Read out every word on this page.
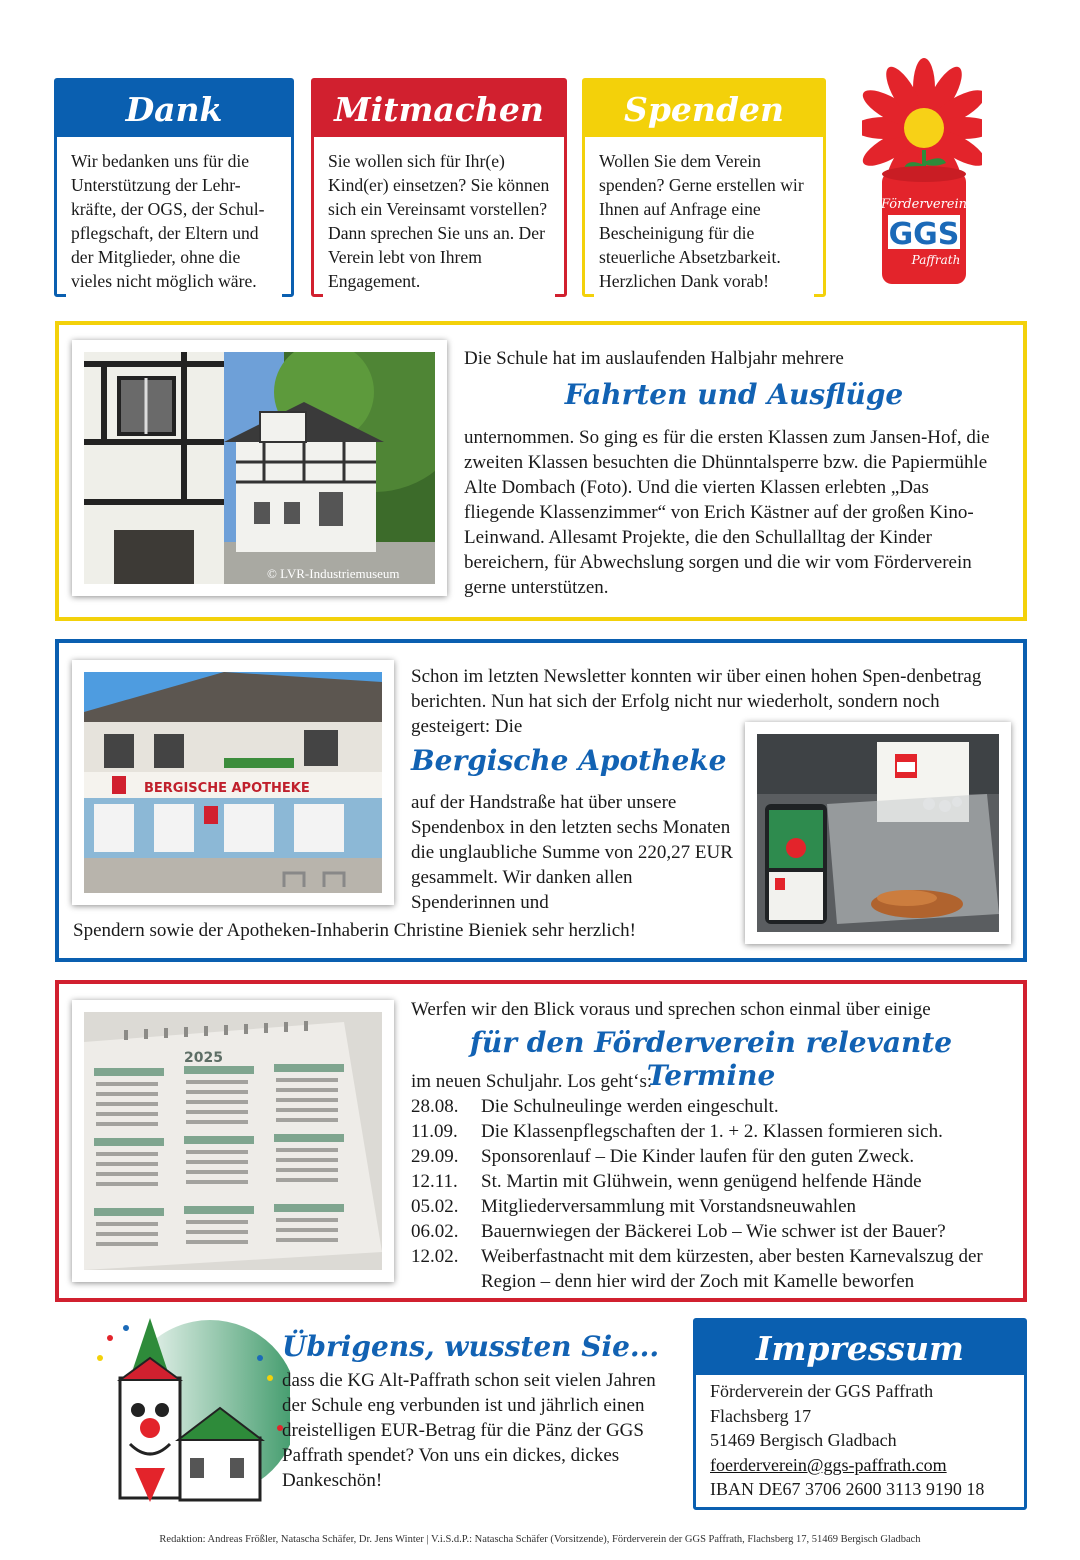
Dank
Wir bedanken uns für die Unterstützung der Lehr-kräfte, der OGS, der Schul-pflegschaft, der Eltern und der Mitglieder, ohne die vieles nicht möglich wäre.
Mitmachen
Sie wollen sich für Ihr(e) Kind(er) einsetzen? Sie können sich ein Vereinsamt vorstellen? Dann sprechen Sie uns an. Der Verein lebt von Ihrem Engagement.
Spenden
Wollen Sie dem Verein spenden? Gerne erstellen wir Ihnen auf Anfrage eine Bescheinigung für die steuerliche Absetzbarkeit. Herzlichen Dank vorab!
Förderverein
GGS
Paffrath
© LVR-Industriemuseum
Die Schule hat im auslaufenden Halbjahr mehrere
Fahrten und Ausflüge
unternommen. So ging es für die ersten Klassen zum Jansen-Hof, die zweiten Klassen besuchten die Dhünntalsperre bzw. die Papiermühle Alte Dombach (Foto). Und die vierten Klassen erlebten „Das fliegende Klassenzimmer“ von Erich Kästner auf der großen Kino-Leinwand. Allesamt Projekte, die den Schullalltag der Kinder bereichern, für Abwechslung sorgen und die wir vom Förderverein gerne unterstützen.
BERGISCHE APOTHEKE
Schon im letzten Newsletter konnten wir über einen hohen Spen-denbetrag berichten. Nun hat sich der Erfolg nicht nur wiederholt, sondern noch gesteigert: Die
Bergische Apotheke
auf der Handstraße hat über unsere Spendenbox in den letzten sechs Monaten die unglaubliche Summe von 220,27 EUR gesammelt. Wir danken allen Spenderinnen und
Spendern sowie der Apotheken-Inhaberin Christine Bieniek sehr herzlich!
2025
Werfen wir den Blick voraus und sprechen schon einmal über einige
für den Förderverein relevante Termine
im neuen Schuljahr. Los geht‘s:
28.08.	Die Schulneulinge werden eingeschult.
11.09.	Die Klassenpflegschaften der 1. + 2. Klassen formieren sich.
29.09.	Sponsorenlauf – Die Kinder laufen für den guten Zweck.
12.11.	St. Martin mit Glühwein, wenn genügend helfende Hände
05.02.	Mitgliederversammlung mit Vorstandsneuwahlen
06.02.	Bauernwiegen der Bäckerei Lob – Wie schwer ist der Bauer?
12.02.	Weiberfastnacht mit dem kürzesten, aber besten Karnevalszug der Region – denn hier wird der Zoch mit Kamelle beworfen
Übrigens, wussten Sie...
dass die KG Alt-Paffrath schon seit vielen Jahren der Schule eng verbunden ist und jährlich einen dreistelligen EUR-Betrag für die Pänz der GGS Paffrath spendet? Von uns ein dickes, dickes Dankeschön!
Impressum
Förderverein der GGS Paffrath
Flachsberg 17
51469 Bergisch Gladbach
foerderverein@ggs-paffrath.com
IBAN DE67 3706 2600 3113 9190 18
Redaktion: Andreas Frößler, Natascha Schäfer, Dr. Jens Winter | V.i.S.d.P.: Natascha Schäfer (Vorsitzende), Förderverein der GGS Paffrath, Flachsberg 17, 51469 Bergisch Gladbach
